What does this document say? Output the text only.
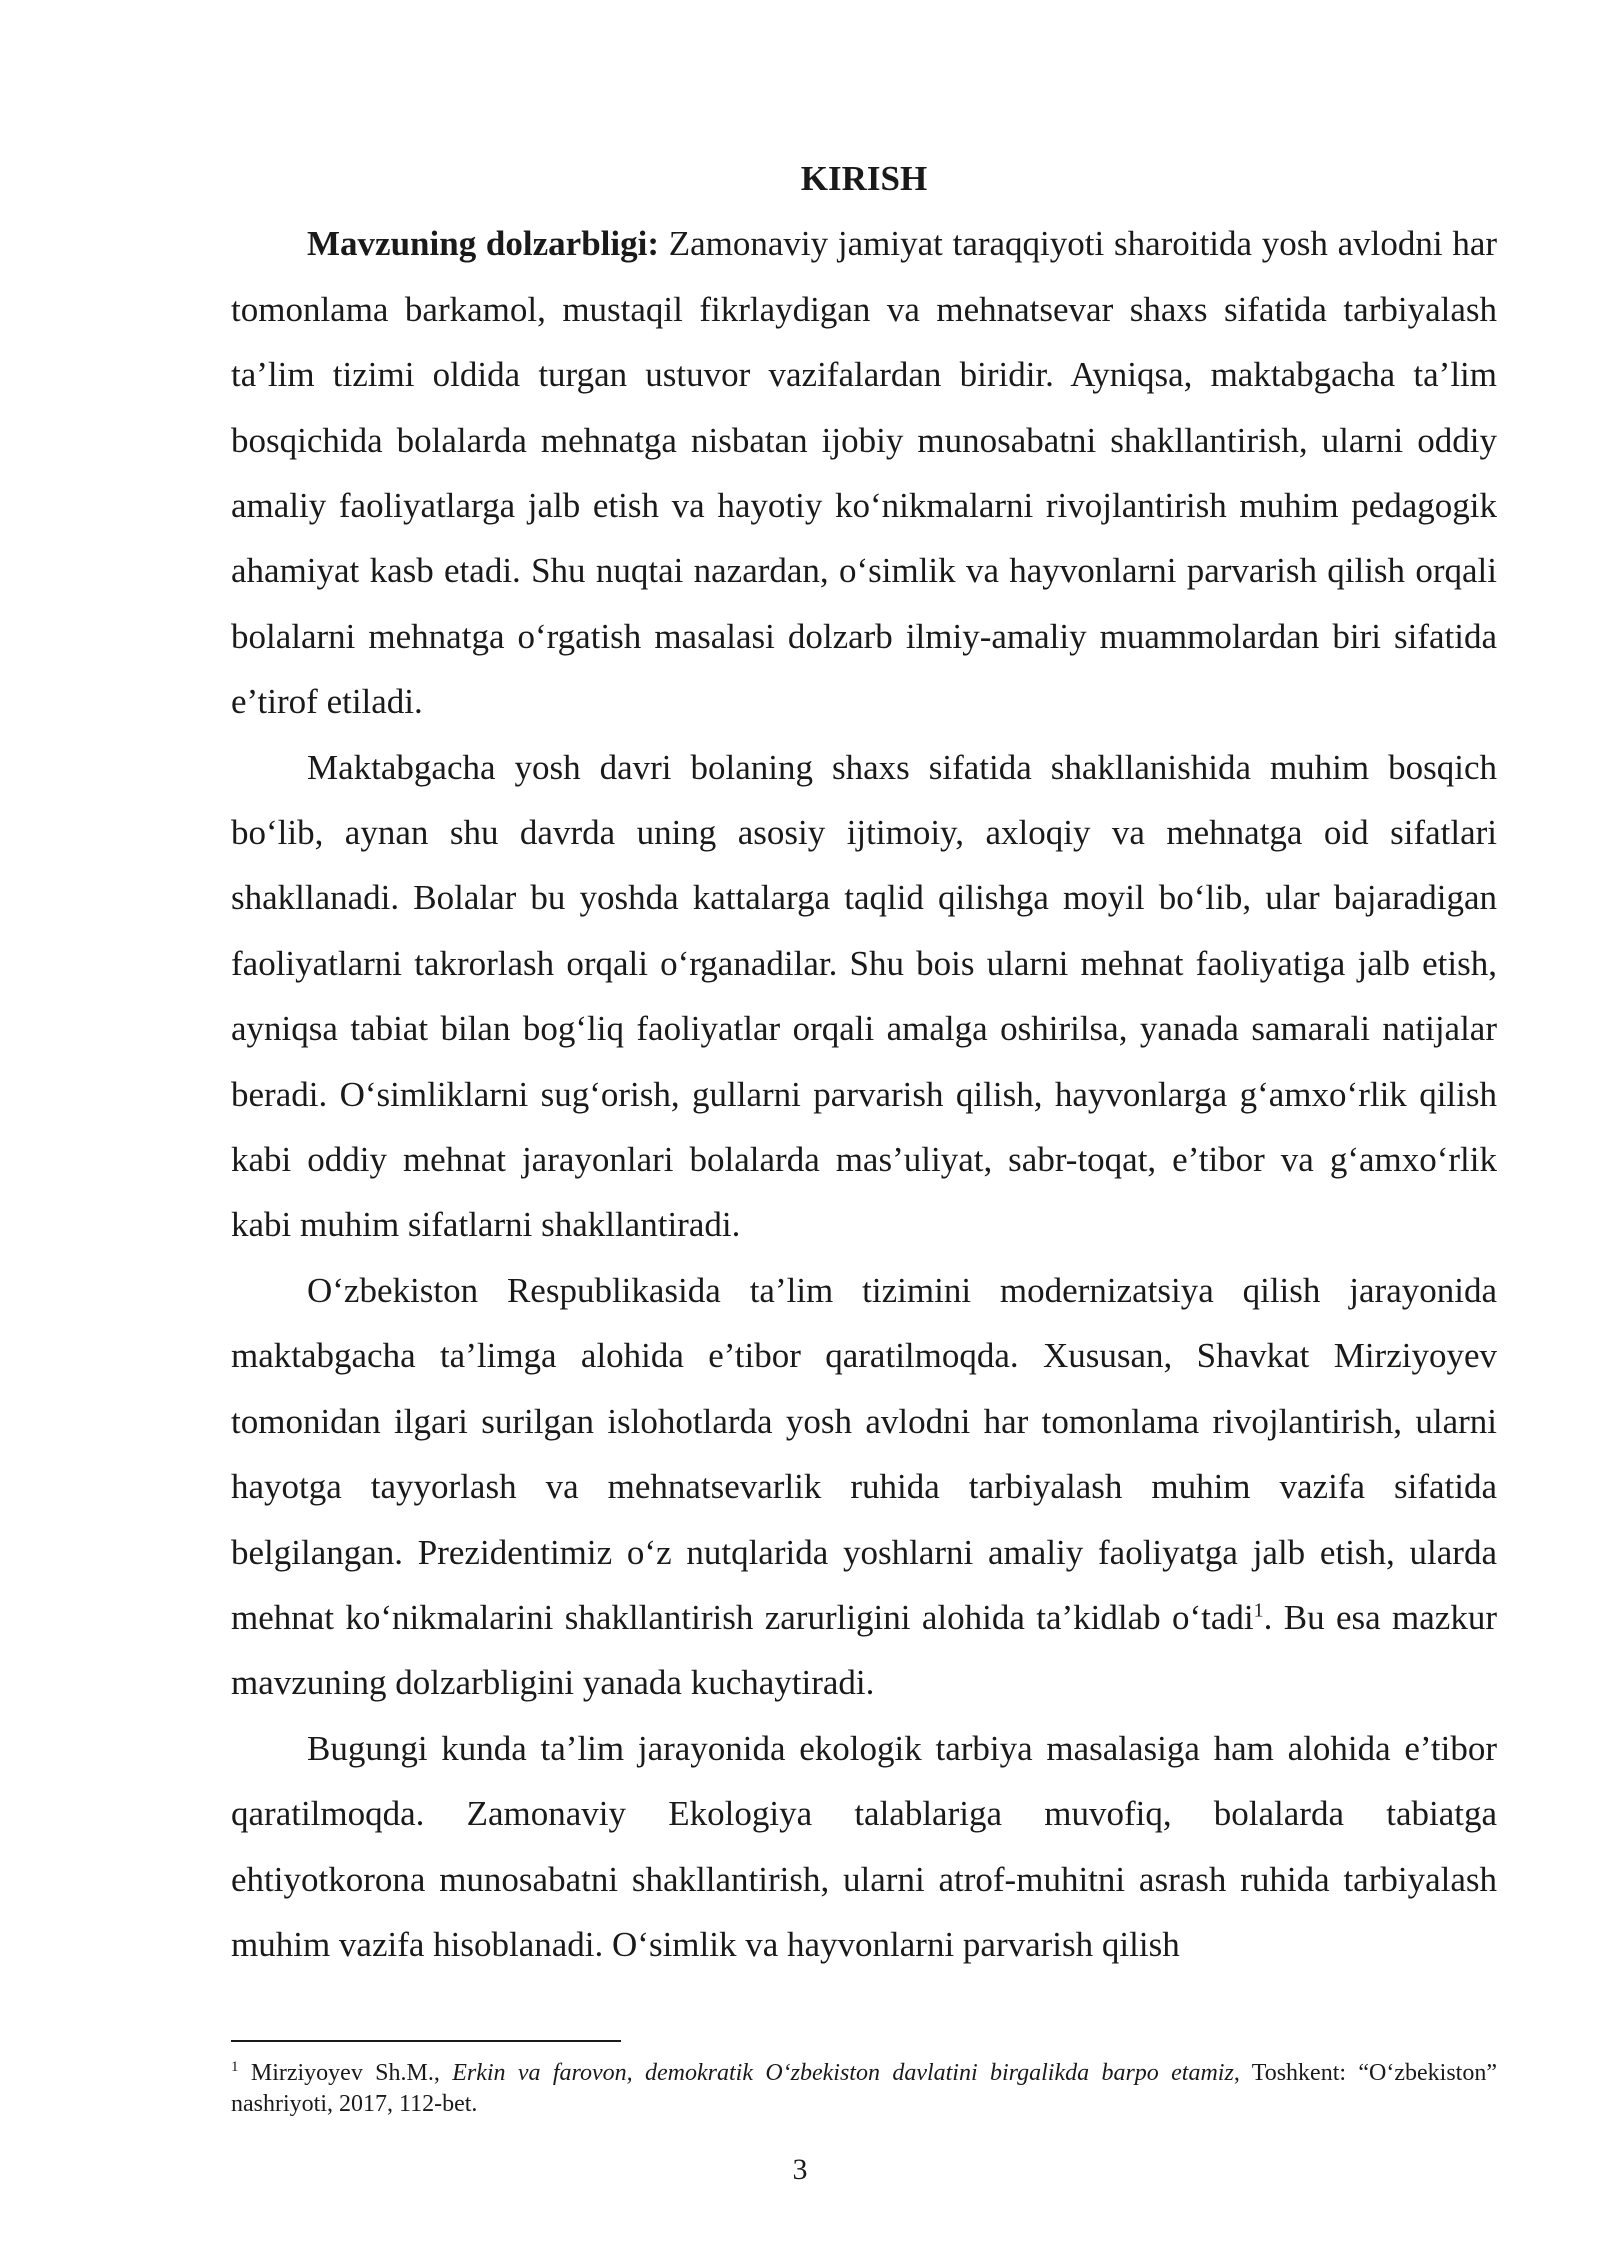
KIRISH

Mavzuning dolzarbligi: Zamonaviy jamiyat taraqqiyoti sharoitida yosh avlodni har tomonlama barkamol, mustaqil fikrlaydigan va mehnatsevar shaxs sifatida tarbiyalash ta’lim tizimi oldida turgan ustuvor vazifalardan biridir. Ayniqsa, maktabgacha ta’lim bosqichida bolalarda mehnatga nisbatan ijobiy munosabatni shakllantirish, ularni oddiy amaliy faoliyatlarga jalb etish va hayotiy ko‘nikmalarni rivojlantirish muhim pedagogik ahamiyat kasb etadi. Shu nuqtai nazardan, o‘simlik va hayvonlarni parvarish qilish orqali bolalarni mehnatga o‘rgatish masalasi dolzarb ilmiy-amaliy muammolardan biri sifatida e’tirof etiladi.

Maktabgacha yosh davri bolaning shaxs sifatida shakllanishida muhim bosqich bo‘lib, aynan shu davrda uning asosiy ijtimoiy, axloqiy va mehnatga oid sifatlari shakllanadi. Bolalar bu yoshda kattalarga taqlid qilishga moyil bo‘lib, ular bajaradigan faoliyatlarni takrorlash orqali o‘rganadilar. Shu bois ularni mehnat faoliyatiga jalb etish, ayniqsa tabiat bilan bog‘liq faoliyatlar orqali amalga oshirilsa, yanada samarali natijalar beradi. O‘simliklarni sug‘orish, gullarni parvarish qilish, hayvonlarga g‘amxo‘rlik qilish kabi oddiy mehnat jarayonlari bolalarda mas’uliyat, sabr-toqat, e’tibor va g‘amxo‘rlik kabi muhim sifatlarni shakllantiradi.

O‘zbekiston Respublikasida ta’lim tizimini modernizatsiya qilish jarayonida maktabgacha ta’limga alohida e’tibor qaratilmoqda. Xususan, Shavkat Mirziyoyev tomonidan ilgari surilgan islohotlarda yosh avlodni har tomonlama rivojlantirish, ularni hayotga tayyorlash va mehnatsevarlik ruhida tarbiyalash muhim vazifa sifatida belgilangan. Prezidentimiz o‘z nutqlarida yoshlarni amaliy faoliyatga jalb etish, ularda mehnat ko‘nikmalarini shakllantirish zarurligini alohida ta’kidlab o‘tadi$^1$. Bu esa mazkur mavzuning dolzarbligini yanada kuchaytiradi.

Bugungi kunda ta’lim jarayonida ekologik tarbiya masalasiga ham alohida e’tibor qaratilmoqda. Zamonaviy Ekologiya talablariga muvofiq, bolalarda tabiatga ehtiyotkorona munosabatni shakllantirish, ularni atrof-muhitni asrash ruhida tarbiyalash muhim vazifa hisoblanadi. O‘simlik va hayvonlarni parvarish qilish

$^1$ Mirziyoyev Sh.M., Erkin va farovon, demokratik O‘zbekiston davlatini birgalikda barpo etamiz, Toshkent: “O‘zbekiston” nashriyoti, 2017, 112-bet.

3
